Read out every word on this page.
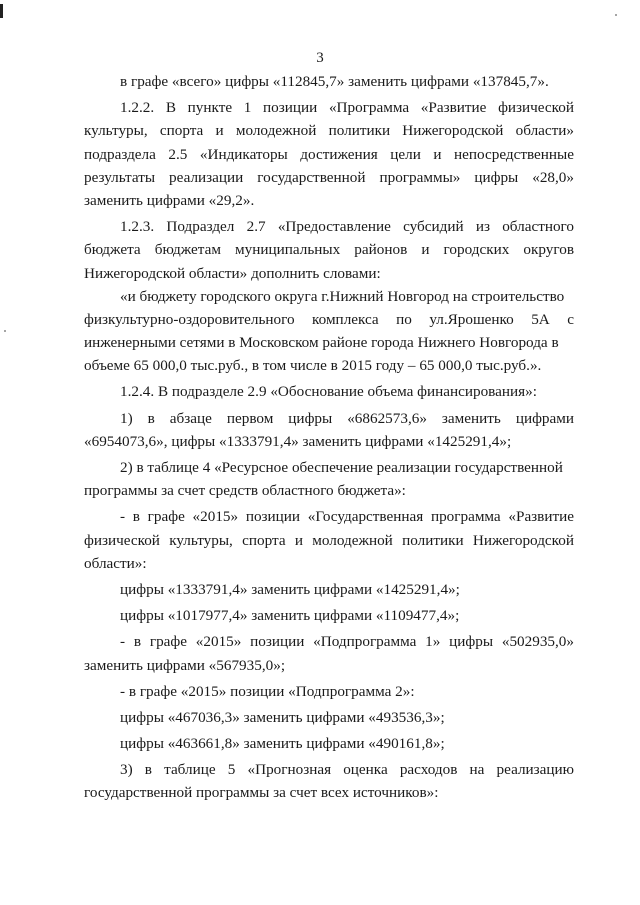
3
в графе «всего» цифры «112845,7» заменить цифрами «137845,7».
1.2.2. В пункте 1 позиции «Программа «Развитие физической
культуры, спорта и молодежной политики Нижегородской области»
подраздела 2.5 «Индикаторы достижения цели и непосредственные
результаты реализации государственной программы» цифры «28,0»
заменить цифрами «29,2».
1.2.3. Подраздел 2.7 «Предоставление субсидий из областного
бюджета бюджетам муниципальных районов и городских округов
Нижегородской области» дополнить словами:
«и бюджету городского округа г.Нижний Новгород на строительство
физкультурно-оздоровительного комплекса по ул.Ярошенко 5А с
инженерными сетями в Московском районе города Нижнего Новгорода в
объеме 65 000,0 тыс.руб., в том числе в 2015 году – 65 000,0 тыс.руб.».
1.2.4. В подразделе 2.9 «Обоснование объема финансирования»:
1) в абзаце первом цифры «6862573,6» заменить цифрами
«6954073,6», цифры «1333791,4» заменить цифрами «1425291,4»;
2) в таблице 4 «Ресурсное обеспечение реализации государственной
программы за счет средств областного бюджета»:
- в графе «2015» позиции «Государственная программа «Развитие
физической культуры, спорта и молодежной политики Нижегородской
области»:
цифры «1333791,4» заменить цифрами «1425291,4»;
цифры «1017977,4» заменить цифрами «1109477,4»;
- в графе «2015» позиции «Подпрограмма 1» цифры «502935,0»
заменить цифрами «567935,0»;
- в графе «2015» позиции «Подпрограмма 2»:
цифры «467036,3» заменить цифрами «493536,3»;
цифры «463661,8» заменить цифрами «490161,8»;
3) в таблице 5 «Прогнозная оценка расходов на реализацию
государственной программы за счет всех источников»:
